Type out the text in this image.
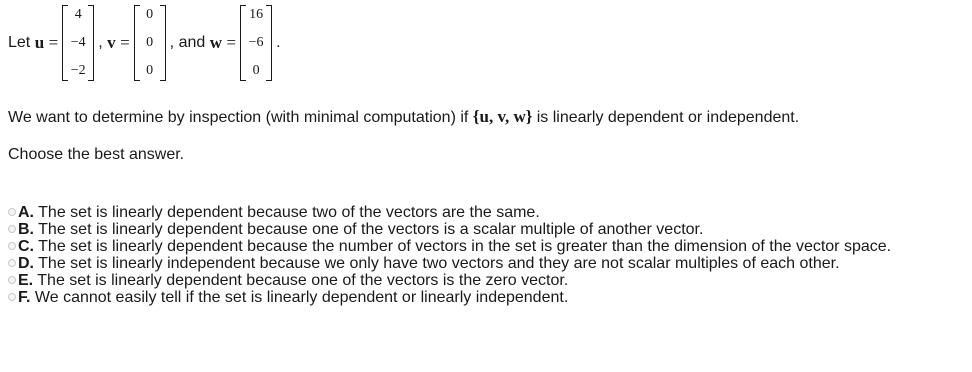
Let
u
=
4
−4
−2
,
v
=
0
0
0
,
and
w
=
16
−6
0
.
We want to determine by inspection (with minimal computation) if {u, v, w} is linearly dependent or independent.
Choose the best answer.
A. The set is linearly dependent because two of the vectors are the same.
B. The set is linearly dependent because one of the vectors is a scalar multiple of another vector.
C. The set is linearly dependent because the number of vectors in the set is greater than the dimension of the vector space.
D. The set is linearly independent because we only have two vectors and they are not scalar multiples of each other.
E. The set is linearly dependent because one of the vectors is the zero vector.
F. We cannot easily tell if the set is linearly dependent or linearly independent.
